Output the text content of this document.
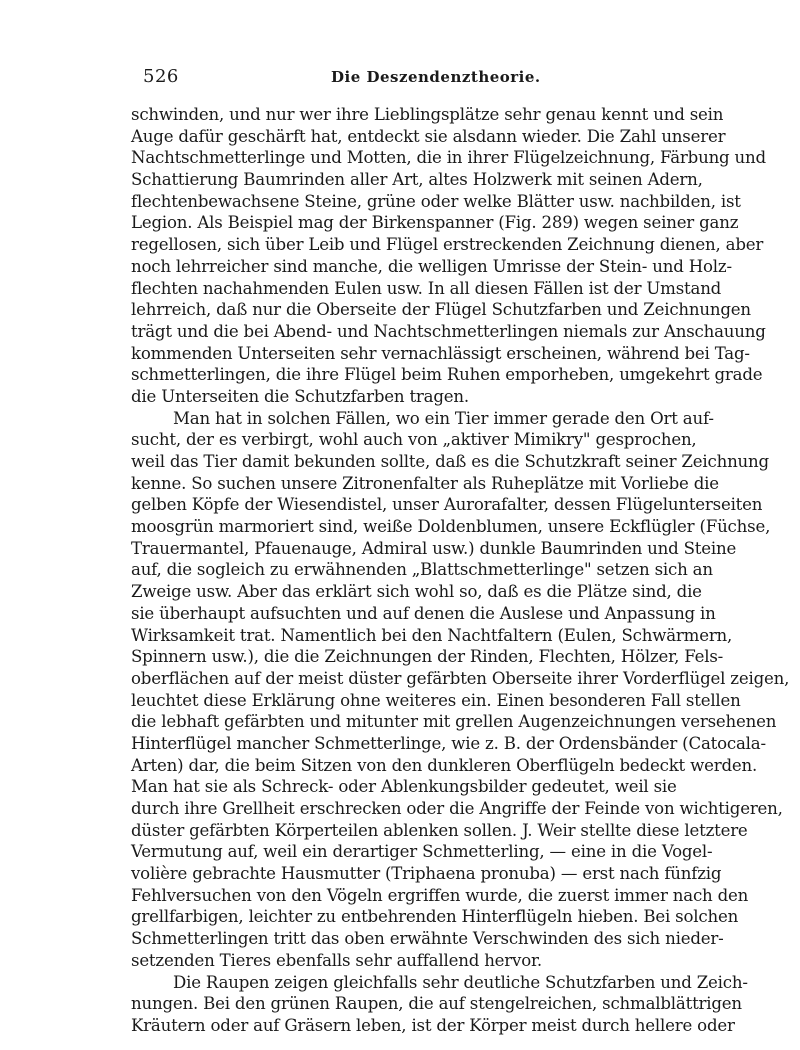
526	Die Deszendenztheorie.
schwinden, und nur wer ihre Lieblingsplätze sehr genau kennt und sein
Auge dafür geschärft hat, entdeckt sie alsdann wieder. Die Zahl unserer
Nachtschmetterlinge und Motten, die in ihrer Flügelzeichnung, Färbung und
Schattierung Baumrinden aller Art, altes Holzwerk mit seinen Adern,
flechtenbewachsene Steine, grüne oder welke Blätter usw. nachbilden, ist
Legion. Als Beispiel mag der Birkenspanner (Fig. 289) wegen seiner ganz
regellosen, sich über Leib und Flügel erstreckenden Zeichnung dienen, aber
noch lehrreicher sind manche, die welligen Umrisse der Stein- und Holz-
flechten nachahmenden Eulen usw. In all diesen Fällen ist der Umstand
lehrreich, daß nur die Oberseite der Flügel Schutzfarben und Zeichnungen
trägt und die bei Abend- und Nachtschmetterlingen niemals zur Anschauung
kommenden Unterseiten sehr vernachlässigt erscheinen, während bei Tag-
schmetterlingen, die ihre Flügel beim Ruhen emporheben, umgekehrt grade
die Unterseiten die Schutzfarben tragen.
Man hat in solchen Fällen, wo ein Tier immer gerade den Ort auf-
sucht, der es verbirgt, wohl auch von „aktiver Mimikry" gesprochen,
weil das Tier damit bekunden sollte, daß es die Schutzkraft seiner Zeichnung
kenne. So suchen unsere Zitronenfalter als Ruheplätze mit Vorliebe die
gelben Köpfe der Wiesendistel, unser Aurorafalter, dessen Flügelunterseiten
moosgrün marmoriert sind, weiße Doldenblumen, unsere Eckflügler (Füchse,
Trauermantel, Pfauenauge, Admiral usw.) dunkle Baumrinden und Steine
auf, die sogleich zu erwähnenden „Blattschmetterlinge" setzen sich an
Zweige usw. Aber das erklärt sich wohl so, daß es die Plätze sind, die
sie überhaupt aufsuchten und auf denen die Auslese und Anpassung in
Wirksamkeit trat. Namentlich bei den Nachtfaltern (Eulen, Schwärmern,
Spinnern usw.), die die Zeichnungen der Rinden, Flechten, Hölzer, Fels-
oberflächen auf der meist düster gefärbten Oberseite ihrer Vorderflügel zeigen,
leuchtet diese Erklärung ohne weiteres ein. Einen besonderen Fall stellen
die lebhaft gefärbten und mitunter mit grellen Augenzeichnungen versehenen
Hinterflügel mancher Schmetterlinge, wie z. B. der Ordensbänder (Catocala-
Arten) dar, die beim Sitzen von den dunkleren Oberflügeln bedeckt werden.
Man hat sie als Schreck- oder Ablenkungsbilder gedeutet, weil sie
durch ihre Grellheit erschrecken oder die Angriffe der Feinde von wichtigeren,
düster gefärbten Körperteilen ablenken sollen. J. Weir stellte diese letztere
Vermutung auf, weil ein derartiger Schmetterling, — eine in die Vogel-
volière gebrachte Hausmutter (Triphaena pronuba) — erst nach fünfzig
Fehlversuchen von den Vögeln ergriffen wurde, die zuerst immer nach den
grellfarbigen, leichter zu entbehrenden Hinterflügeln hieben. Bei solchen
Schmetterlingen tritt das oben erwähnte Verschwinden des sich nieder-
setzenden Tieres ebenfalls sehr auffallend hervor.
Die Raupen zeigen gleichfalls sehr deutliche Schutzfarben und Zeich-
nungen. Bei den grünen Raupen, die auf stengelreichen, schmalblättrigen
Kräutern oder auf Gräsern leben, ist der Körper meist durch hellere oder
